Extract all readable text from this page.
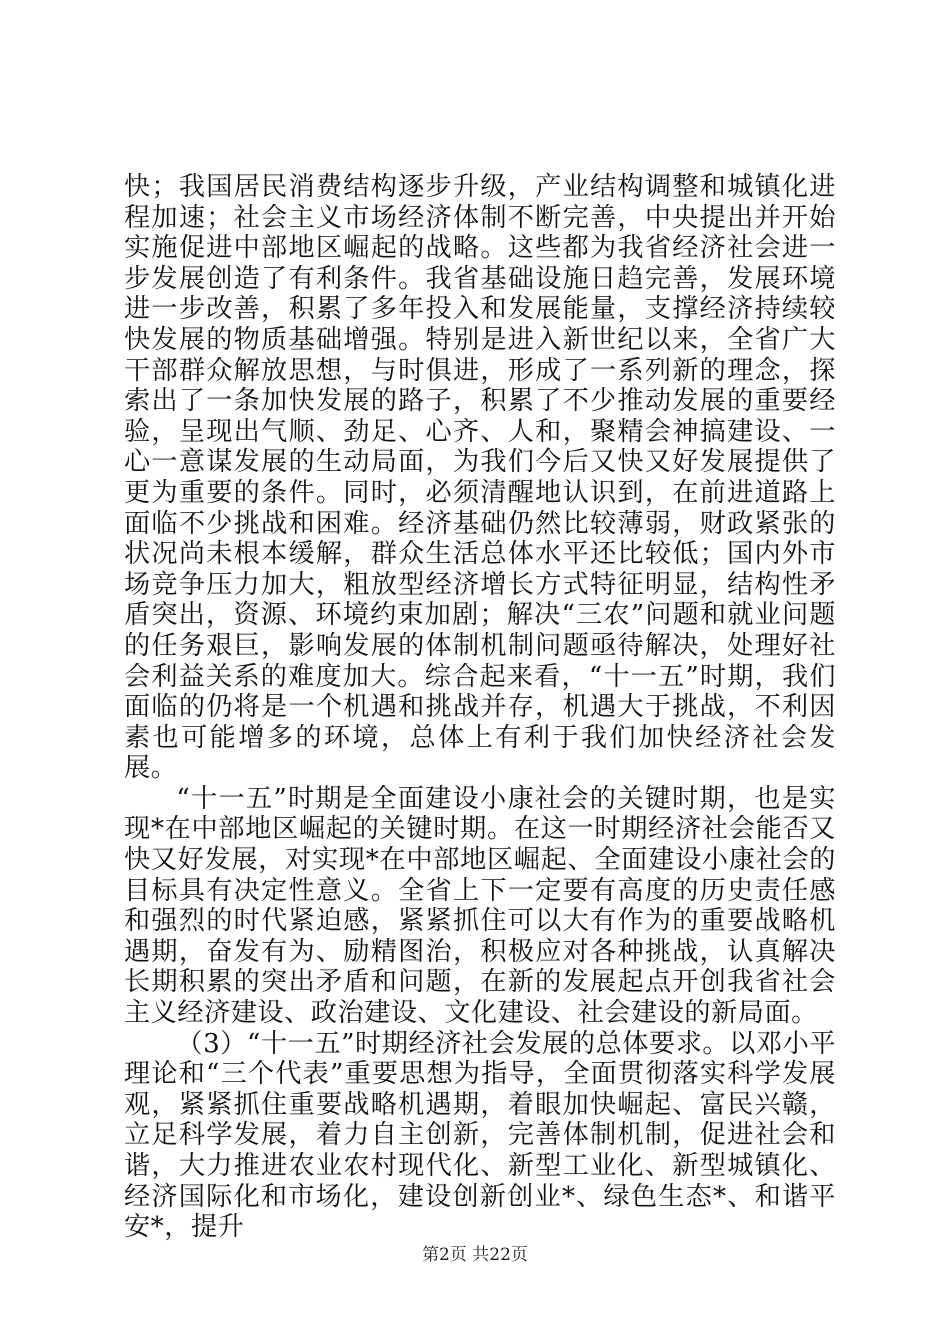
快；我国居民消费结构逐步升级，产业结构调整和城镇化进程加速；社会主义市场经济体制不断完善，中央提出并开始实施促进中部地区崛起的战略。这些都为我省经济社会进一步发展创造了有利条件。我省基础设施日趋完善，发展环境进一步改善，积累了多年投入和发展能量，支撑经济持续较快发展的物质基础增强。特别是进入新世纪以来，全省广大干部群众解放思想，与时俱进，形成了一系列新的理念，探索出了一条加快发展的路子，积累了不少推动发展的重要经验，呈现出气顺、劲足、心齐、人和，聚精会神搞建设、一心一意谋发展的生动局面，为我们今后又快又好发展提供了更为重要的条件。同时，必须清醒地认识到，在前进道路上面临不少挑战和困难。经济基础仍然比较薄弱，财政紧张的状况尚未根本缓解，群众生活总体水平还比较低；国内外市场竞争压力加大，粗放型经济增长方式特征明显，结构性矛盾突出，资源、环境约束加剧；解决“三农”问题和就业问题的任务艰巨，影响发展的体制机制问题亟待解决，处理好社会利益关系的难度加大。综合起来看，“十一五”时期，我们面临的仍将是一个机遇和挑战并存，机遇大于挑战，不利因素也可能增多的环境，总体上有利于我们加快经济社会发展。

“十一五”时期是全面建设小康社会的关键时期，也是实现*在中部地区崛起的关键时期。在这一时期经济社会能否又快又好发展，对实现*在中部地区崛起、全面建设小康社会的目标具有决定性意义。全省上下一定要有高度的历史责任感和强烈的时代紧迫感，紧紧抓住可以大有作为的重要战略机遇期，奋发有为、励精图治，积极应对各种挑战，认真解决长期积累的突出矛盾和问题，在新的发展起点开创我省社会主义经济建设、政治建设、文化建设、社会建设的新局面。

（3）“十一五”时期经济社会发展的总体要求。以邓小平理论和“三个代表”重要思想为指导，全面贯彻落实科学发展观，紧紧抓住重要战略机遇期，着眼加快崛起、富民兴赣，立足科学发展，着力自主创新，完善体制机制，促进社会和谐，大力推进农业农村现代化、新型工业化、新型城镇化、经济国际化和市场化，建设创新创业*、绿色生态*、和谐平安*，提升

第2页 共22页
